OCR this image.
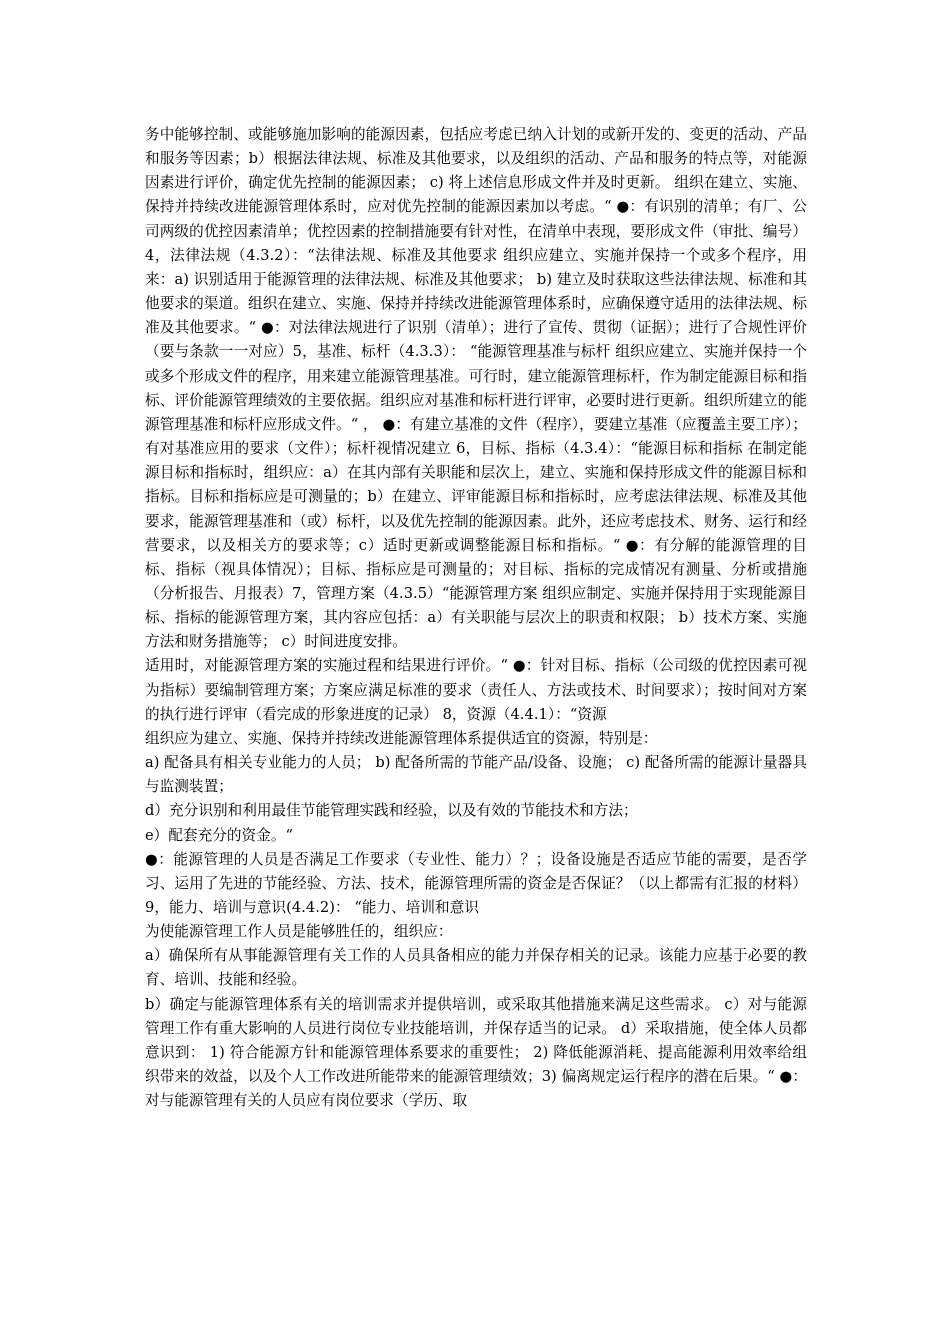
务中能够控制、或能够施加影响的能源因素，包括应考虑已纳入计划的或新开发的、变更的活动、产品和服务等因素；b）根据法律法规、标准及其他要求，以及组织的活动、产品和服务的特点等，对能源因素进行评价，确定优先控制的能源因素； c) 将上述信息形成文件并及时更新。 组织在建立、实施、保持并持续改进能源管理体系时，应对优先控制的能源因素加以考虑。“ ●：有识别的清单；有厂、公司两级的优控因素清单；优控因素的控制措施要有针对性，在清单中表现，要形成文件（审批、编号）4，法律法规（4.3.2）：“法律法规、标准及其他要求 组织应建立、实施并保持一个或多个程序，用来：a) 识别适用于能源管理的法律法规、标准及其他要求； b) 建立及时获取这些法律法规、标准和其他要求的渠道。组织在建立、实施、保持并持续改进能源管理体系时，应确保遵守适用的法律法规、标准及其他要求。“ ●：对法律法规进行了识别（清单）；进行了宣传、贯彻（证据）；进行了合规性评价（要与条款一一对应）5，基准、标杆（4.3.3）： “能源管理基准与标杆 组织应建立、实施并保持一个或多个形成文件的程序，用来建立能源管理基准。可行时，建立能源管理标杆，作为制定能源目标和指标、评价能源管理绩效的主要依据。组织应对基准和标杆进行评审，必要时进行更新。组织所建立的能源管理基准和标杆应形成文件。“ ， ●：有建立基准的文件（程序），要建立基准（应覆盖主要工序）；有对基准应用的要求（文件）；标杆视情况建立 6，目标、指标（4.3.4）：“能源目标和指标 在制定能源目标和指标时，组织应：a）在其内部有关职能和层次上，建立、实施和保持形成文件的能源目标和指标。目标和指标应是可测量的；b）在建立、评审能源目标和指标时，应考虑法律法规、标准及其他要求，能源管理基准和（或）标杆，以及优先控制的能源因素。此外，还应考虑技术、财务、运行和经营要求，以及相关方的要求等；c）适时更新或调整能源目标和指标。“ ●：有分解的能源管理的目标、指标（视具体情况）；目标、指标应是可测量的；对目标、指标的完成情况有测量、分析或措施（分析报告、月报表）7，管理方案（4.3.5）“能源管理方案 组织应制定、实施并保持用于实现能源目标、指标的能源管理方案，其内容应包括：a）有关职能与层次上的职责和权限； b）技术方案、实施方法和财务措施等； c）时间进度安排。

适用时，对能源管理方案的实施过程和结果进行评价。“ ●：针对目标、指标（公司级的优控因素可视为指标）要编制管理方案；方案应满足标准的要求（责任人、方法或技术、时间要求）；按时间对方案的执行进行评审（看完成的形象进度的记录） 8，资源（4.4.1）：“资源

组织应为建立、实施、保持并持续改进能源管理体系提供适宜的资源，特别是：

a) 配备具有相关专业能力的人员； b) 配备所需的节能产品/设备、设施； c) 配备所需的能源计量器具与监测装置；

d）充分识别和利用最佳节能管理实践和经验，以及有效的节能技术和方法；

e）配套充分的资金。“

●：能源管理的人员是否满足工作要求（专业性、能力）？；设备设施是否适应节能的需要，是否学习、运用了先进的节能经验、方法、技术，能源管理所需的资金是否保证？（以上都需有汇报的材料） 9，能力、培训与意识(4.4.2)： “能力、培训和意识

为使能源管理工作人员是能够胜任的，组织应：

a）确保所有从事能源管理有关工作的人员具备相应的能力并保存相关的记录。该能力应基于必要的教育、培训、技能和经验。

b）确定与能源管理体系有关的培训需求并提供培训，或采取其他措施来满足这些需求。 c）对与能源管理工作有重大影响的人员进行岗位专业技能培训，并保存适当的记录。 d）采取措施，使全体人员都意识到： 1) 符合能源方针和能源管理体系要求的重要性； 2) 降低能源消耗、提高能源利用效率给组织带来的效益，以及个人工作改进所能带来的能源管理绩效；3) 偏离规定运行程序的潜在后果。“ ●：对与能源管理有关的人员应有岗位要求（学历、取
